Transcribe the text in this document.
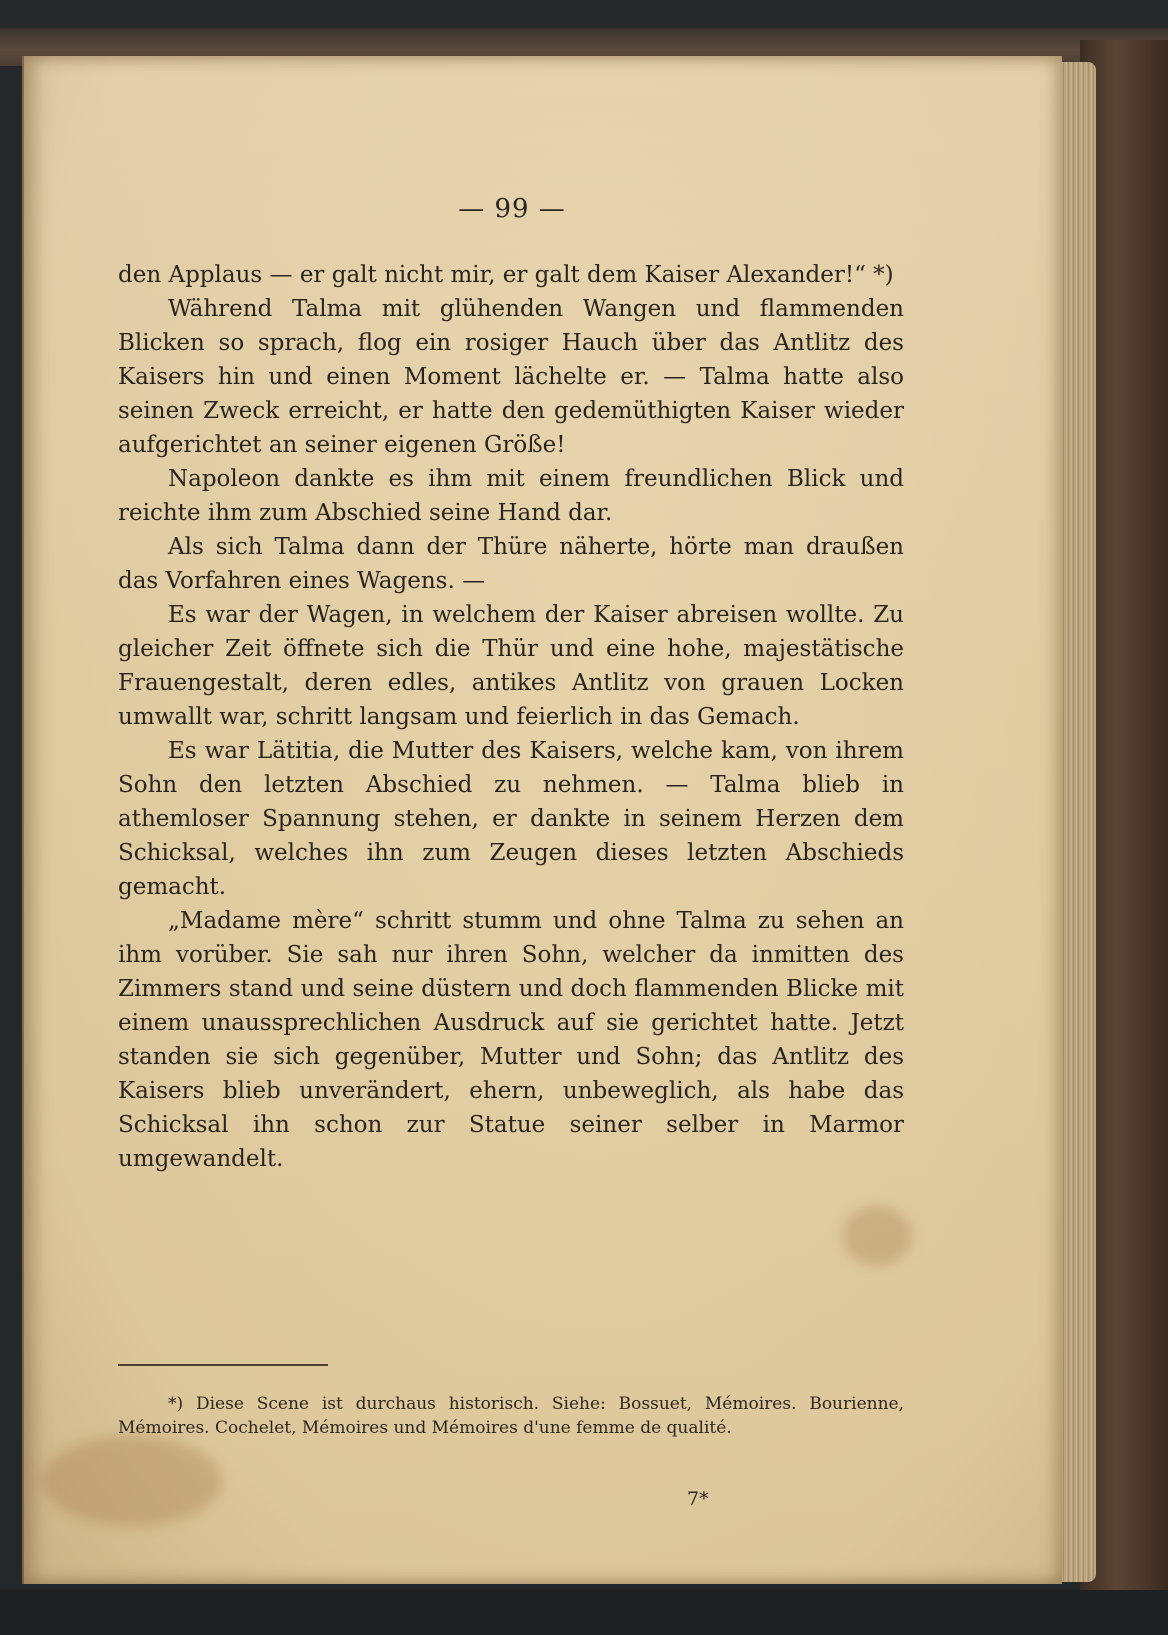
— 99 —

den Applaus — er galt nicht mir, er galt dem Kaiser Alexander!“ *)

Während Talma mit glühenden Wangen und flammenden Blicken so sprach, flog ein rosiger Hauch über das Antlitz des Kaisers hin und einen Moment lächelte er. — Talma hatte also seinen Zweck erreicht, er hatte den gedemüthigten Kaiser wieder aufgerichtet an seiner eigenen Größe!

Napoleon dankte es ihm mit einem freundlichen Blick und reichte ihm zum Abschied seine Hand dar.

Als sich Talma dann der Thüre näherte, hörte man draußen das Vorfahren eines Wagens. —

Es war der Wagen, in welchem der Kaiser abreisen wollte. Zu gleicher Zeit öffnete sich die Thür und eine hohe, majestätische Frauengestalt, deren edles, antikes Antlitz von grauen Locken umwallt war, schritt langsam und feierlich in das Gemach.

Es war Lätitia, die Mutter des Kaisers, welche kam, von ihrem Sohn den letzten Abschied zu nehmen. — Talma blieb in athemloser Spannung stehen, er dankte in seinem Herzen dem Schicksal, welches ihn zum Zeugen dieses letzten Abschieds gemacht.

„Madame mère“ schritt stumm und ohne Talma zu sehen an ihm vorüber. Sie sah nur ihren Sohn, welcher da inmitten des Zimmers stand und seine düstern und doch flammenden Blicke mit einem unaussprechlichen Ausdruck auf sie gerichtet hatte. Jetzt standen sie sich gegenüber, Mutter und Sohn; das Antlitz des Kaisers blieb unverändert, ehern, unbeweglich, als habe das Schicksal ihn schon zur Statue seiner selber in Marmor umgewandelt.

*) Diese Scene ist durchaus historisch. Siehe: Bossuet, Mémoires. Bourienne, Mémoires. Cochelet, Mémoires und Mémoires d'une femme de qualité.
7*
